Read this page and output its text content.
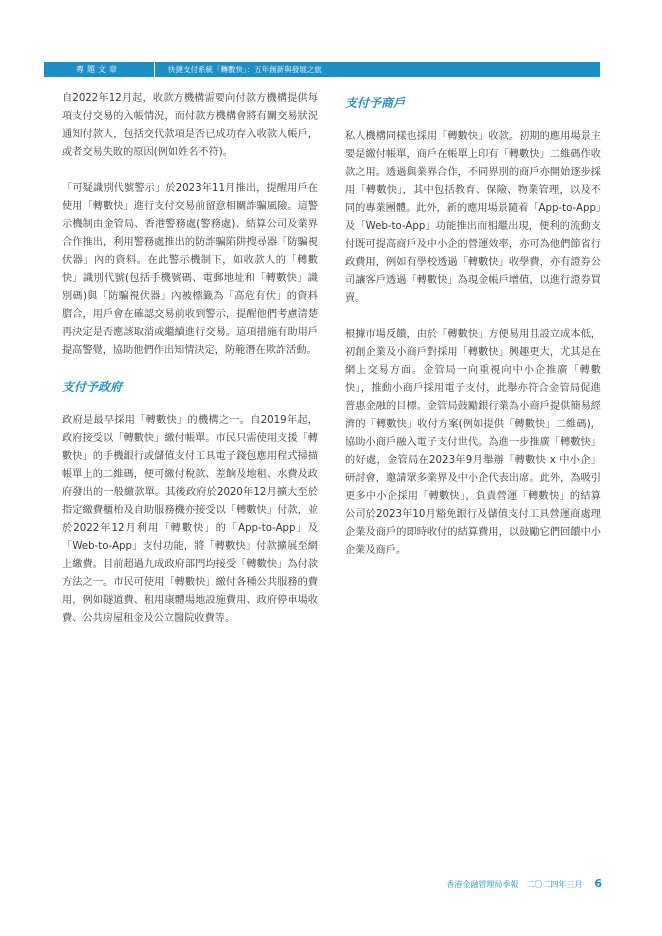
專題文章	快捷支付系統「轉數快」：五年創新與發展之旅

自2022年12月起，收款方機構需要向付款方機構提供每項支付交易的入帳情況，而付款方機構會將有關交易狀況通知付款人，包括交代款項是否已成功存入收款人帳戶，或者交易失敗的原因(例如姓名不符)。

「可疑識別代號警示」於2023年11月推出，提醒用戶在使用「轉數快」進行支付交易前留意相關詐騙風險。這警示機制由金管局、香港警務處(警務處)、結算公司及業界合作推出，利用警務處推出的防詐騙陷阱搜尋器「防騙視伏器」內的資料。在此警示機制下，如收款人的「轉數快」識別代號(包括手機號碼、電郵地址和「轉數快」識別碼)與「防騙視伏器」內被標籤為「高危有伏」的資料脗合，用戶會在確認交易前收到警示，提醒他們考慮清楚再決定是否應該取消或繼續進行交易。這項措施有助用戶提高警覺，協助他們作出知情決定，防範潛在欺詐活動。

支付予政府

政府是最早採用「轉數快」的機構之一。自2019年起，政府接受以「轉數快」繳付帳單。市民只需使用支援「轉數快」的手機銀行或儲值支付工具電子錢包應用程式掃描帳單上的二維碼，便可繳付稅款、差餉及地租、水費及政府發出的一般繳款單。其後政府於2020年12月擴大至於指定繳費櫃枱及自助服務機亦接受以「轉數快」付款，並於2022年12月利用「轉數快」的「App-to-App」及「Web-to-App」支付功能，將「轉數快」付款擴展至網上繳費。目前超過九成政府部門均接受「轉數快」為付款方法之一。市民可使用「轉數快」繳付各種公共服務的費用，例如隧道費、租用康體場地設施費用、政府停車場收費、公共房屋租金及公立醫院收費等。

支付予商戶

私人機構同樣也採用「轉數快」收款。初期的應用場景主要是繳付帳單，商戶在帳單上印有「轉數快」二維碼作收款之用。透過與業界合作，不同界別的商戶亦開始逐步採用「轉數快」，其中包括教育、保險、物業管理，以及不同的專業團體。此外，新的應用場景隨着「App-to-App」及「Web-to-App」功能推出而相繼出現，便利的流動支付既可提高商戶及中小企的營運效率，亦可為他們節省行政費用，例如有學校透過「轉數快」收學費，亦有證券公司讓客戶透過「轉數快」為現金帳戶增值，以進行證券買賣。

根據市場反饋，由於「轉數快」方便易用且設立成本低，初創企業及小商戶對採用「轉數快」興趣更大，尤其是在網上交易方面。金管局一向重視向中小企推廣「轉數快」，推動小商戶採用電子支付，此舉亦符合金管局促進普惠金融的目標。金管局鼓勵銀行業為小商戶提供簡易經濟的「轉數快」收付方案(例如提供「轉數快」二維碼)，協助小商戶融入電子支付世代。為進一步推廣「轉數快」的好處，金管局在2023年9月舉辦「轉數快 x 中小企」研討會，邀請眾多業界及中小企代表出席。此外，為吸引更多中小企採用「轉數快」，負責營運「轉數快」的結算公司於2023年10月豁免銀行及儲值支付工具營運商處理企業及商戶的即時收付的結算費用，以鼓勵它們回饋中小企業及商戶。

香港金融管理局季報 二〇二四年三月 6
